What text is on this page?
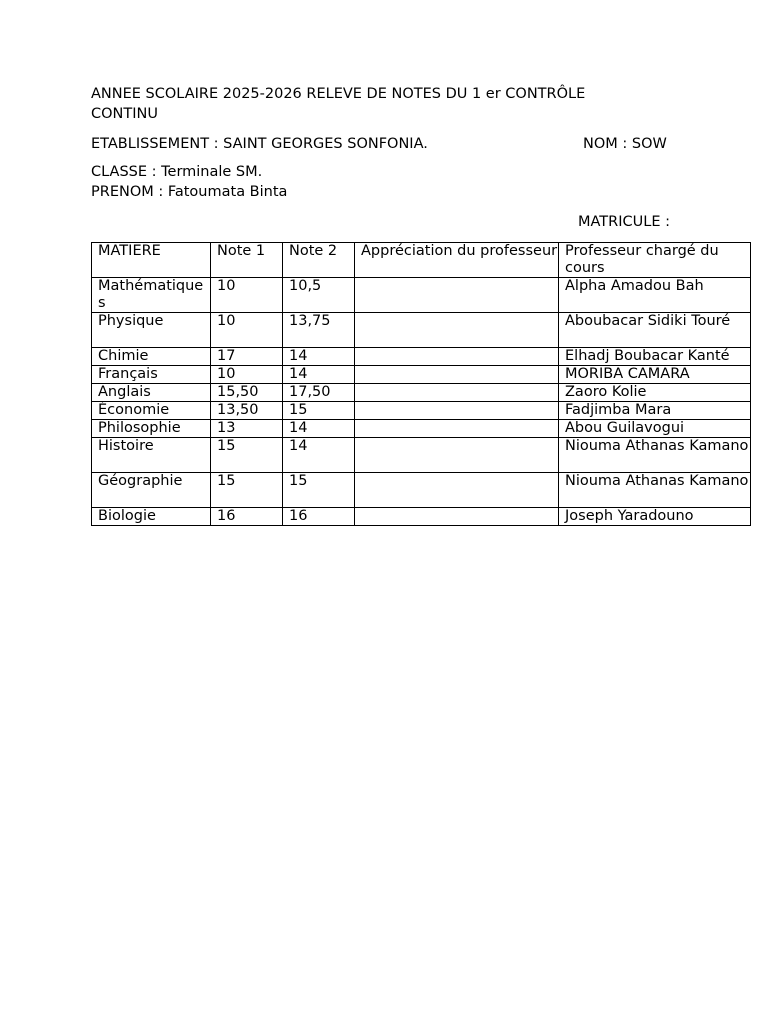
ANNEE SCOLAIRE 2025-2026 RELEVE DE NOTES DU 1 er CONTRÔLE
CONTINU
ETABLISSEMENT : SAINT GEORGES SONFONIA.	NOM : SOW
CLASSE : Terminale SM.
PRENOM : Fatoumata Binta
MATRICULE :
MATIERE	Note 1	Note 2	Appréciation du professeur	Professeur chargé du cours
Mathématiques	10	10,5		Alpha Amadou Bah
Physique	10	13,75		Aboubacar Sidiki Touré
Chimie	17	14		Elhadj Boubacar Kanté
Français	10	14		MORIBA CAMARA
Anglais	15,50	17,50		Zaoro Kolie
Économie	13,50	15		Fadjimba Mara
Philosophie	13	14		Abou Guilavogui
Histoire	15	14		Niouma Athanas Kamano
Géographie	15	15		Niouma Athanas Kamano
Biologie	16	16		Joseph Yaradouno
